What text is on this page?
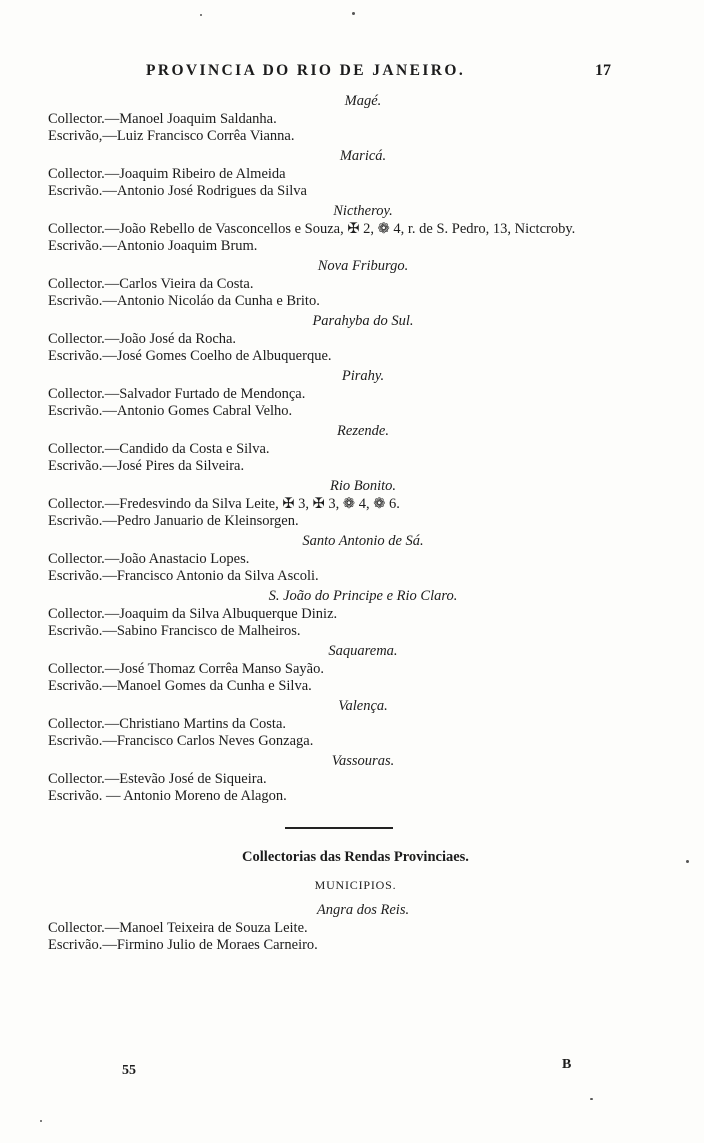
PROVINCIA DO RIO DE JANEIRO.	17
Magé.
Collector.—Manoel Joaquim Saldanha.
Escrivão,—Luiz Francisco Corrêa Vianna.
Maricá.
Collector.—Joaquim Ribeiro de Almeida
Escrivão.—Antonio José Rodrigues da Silva
Nictheroy.
Collector.—João Rebello de Vasconcellos e Souza, ✠ 2, ❁ 4, r. de S. Pedro, 13, Nictcroby.
Escrivão.—Antonio Joaquim Brum.
Nova Friburgo.
Collector.—Carlos Vieira da Costa.
Escrivão.—Antonio Nicoláo da Cunha e Brito.
Parahyba do Sul.
Collector.—João José da Rocha.
Escrivão.—José Gomes Coelho de Albuquerque.
Pirahy.
Collector.—Salvador Furtado de Mendonça.
Escrivão.—Antonio Gomes Cabral Velho.
Rezende.
Collector.—Candido da Costa e Silva.
Escrivão.—José Pires da Silveira.
Rio Bonito.
Collector.—Fredesvindo da Silva Leite, ✠ 3, ✠ 3, ❁ 4, ❁ 6.
Escrivão.—Pedro Januario de Kleinsorgen.
Santo Antonio de Sá.
Collector.—João Anastacio Lopes.
Escrivão.—Francisco Antonio da Silva Ascoli.
S. João do Principe e Rio Claro.
Collector.—Joaquim da Silva Albuquerque Diniz.
Escrivão.—Sabino Francisco de Malheiros.
Saquarema.
Collector.—José Thomaz Corrêa Manso Sayão.
Escrivão.—Manoel Gomes da Cunha e Silva.
Valença.
Collector.—Christiano Martins da Costa.
Escrivão.—Francisco Carlos Neves Gonzaga.
Vassouras.
Collector.—Estevão José de Siqueira.
Escrivão. — Antonio Moreno de Alagon.
Collectorias das Rendas Provinciaes.
MUNICIPIOS.
Angra dos Reis.
Collector.—Manoel Teixeira de Souza Leite.
Escrivão.—Firmino Julio de Moraes Carneiro.
55	B
